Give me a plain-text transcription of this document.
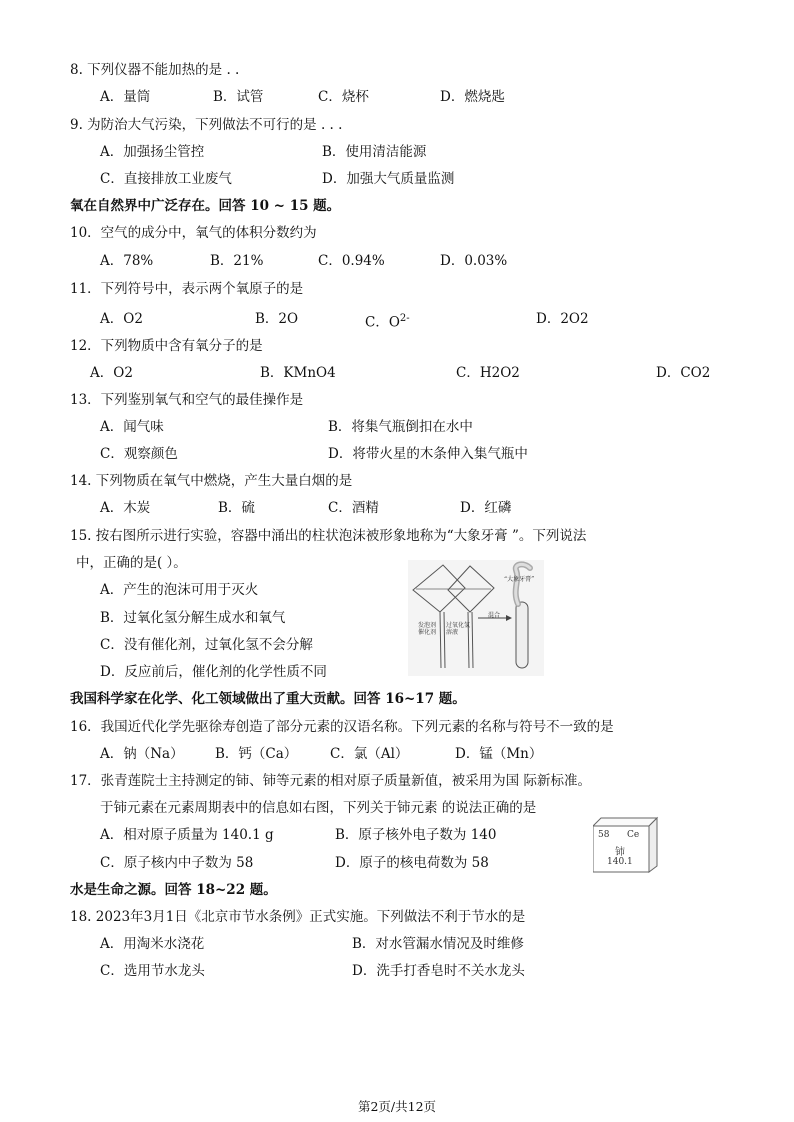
8. 下列仪器不能加热的是 . .
A．量筒	B．试管	C．烧杯	D．燃烧匙
9. 为防治大气污染，下列做法不可行的是 . . .
A．加强扬尘管控	B．使用清洁能源
C．直接排放工业废气	D．加强大气质量监测
氧在自然界中广泛存在。回答 10 ~ 15 题。
10．空气的成分中，氧气的体积分数约为
A．78%	B．21%	C．0.94%	D．0.03%
11．下列符号中，表示两个氧原子的是
A．O2	B．2O	C．$O^{2-}$	D．2O2
12．下列物质中含有氧分子的是
A．O2	B．KMnO4	C．H2O2	D．CO2
13．下列鉴别氧气和空气的最佳操作是
A．闻气味	B．将集气瓶倒扣在水中
C．观察颜色	D．将带火星的木条伸入集气瓶中
14. 下列物质在氧气中燃烧，产生大量白烟的是
A．木炭	B．硫	C．酒精	D．红磷
15. 按右图所示进行实验，容器中涌出的柱状泡沫被形象地称为“大象牙膏 ”。下列说法
中，正确的是( ）。
A．产生的泡沫可用于灭火
B．过氧化氢分解生成水和氧气
C．没有催化剂，过氧化氢不会分解
D．反应前后，催化剂的化学性质不同
发泡剂催化剂
过氧化氢溶液
混合
“大象牙膏”
我国科学家在化学、化工领域做出了重大贡献。回答 16~17 题。
16．我国近代化学先驱徐寿创造了部分元素的汉语名称。下列元素的名称与符号不一致的是
A．钠（Na） B．钙（Ca） C．氯（Al）	D．锰（Mn）
17．张青莲院士主持测定的铈、铈等元素的相对原子质量新值，被采用为国 际新标准。
于铈元素在元素周期表中的信息如右图，下列关于铈元素 的说法正确的是
A．相对原子质量为 140.1 g	B．原子核外电子数为 140
C．原子核内中子数为 58	D．原子的核电荷数为 58
58 Ce
铈
140.1
水是生命之源。回答 18~22 题。
18. 2023年3月1日《北京市节水条例》正式实施。下列做法不利于节水的是
A．用淘米水浇花	B．对水管漏水情况及时维修
C．选用节水龙头	D．洗手打香皂时不关水龙头
第2页/共12页
